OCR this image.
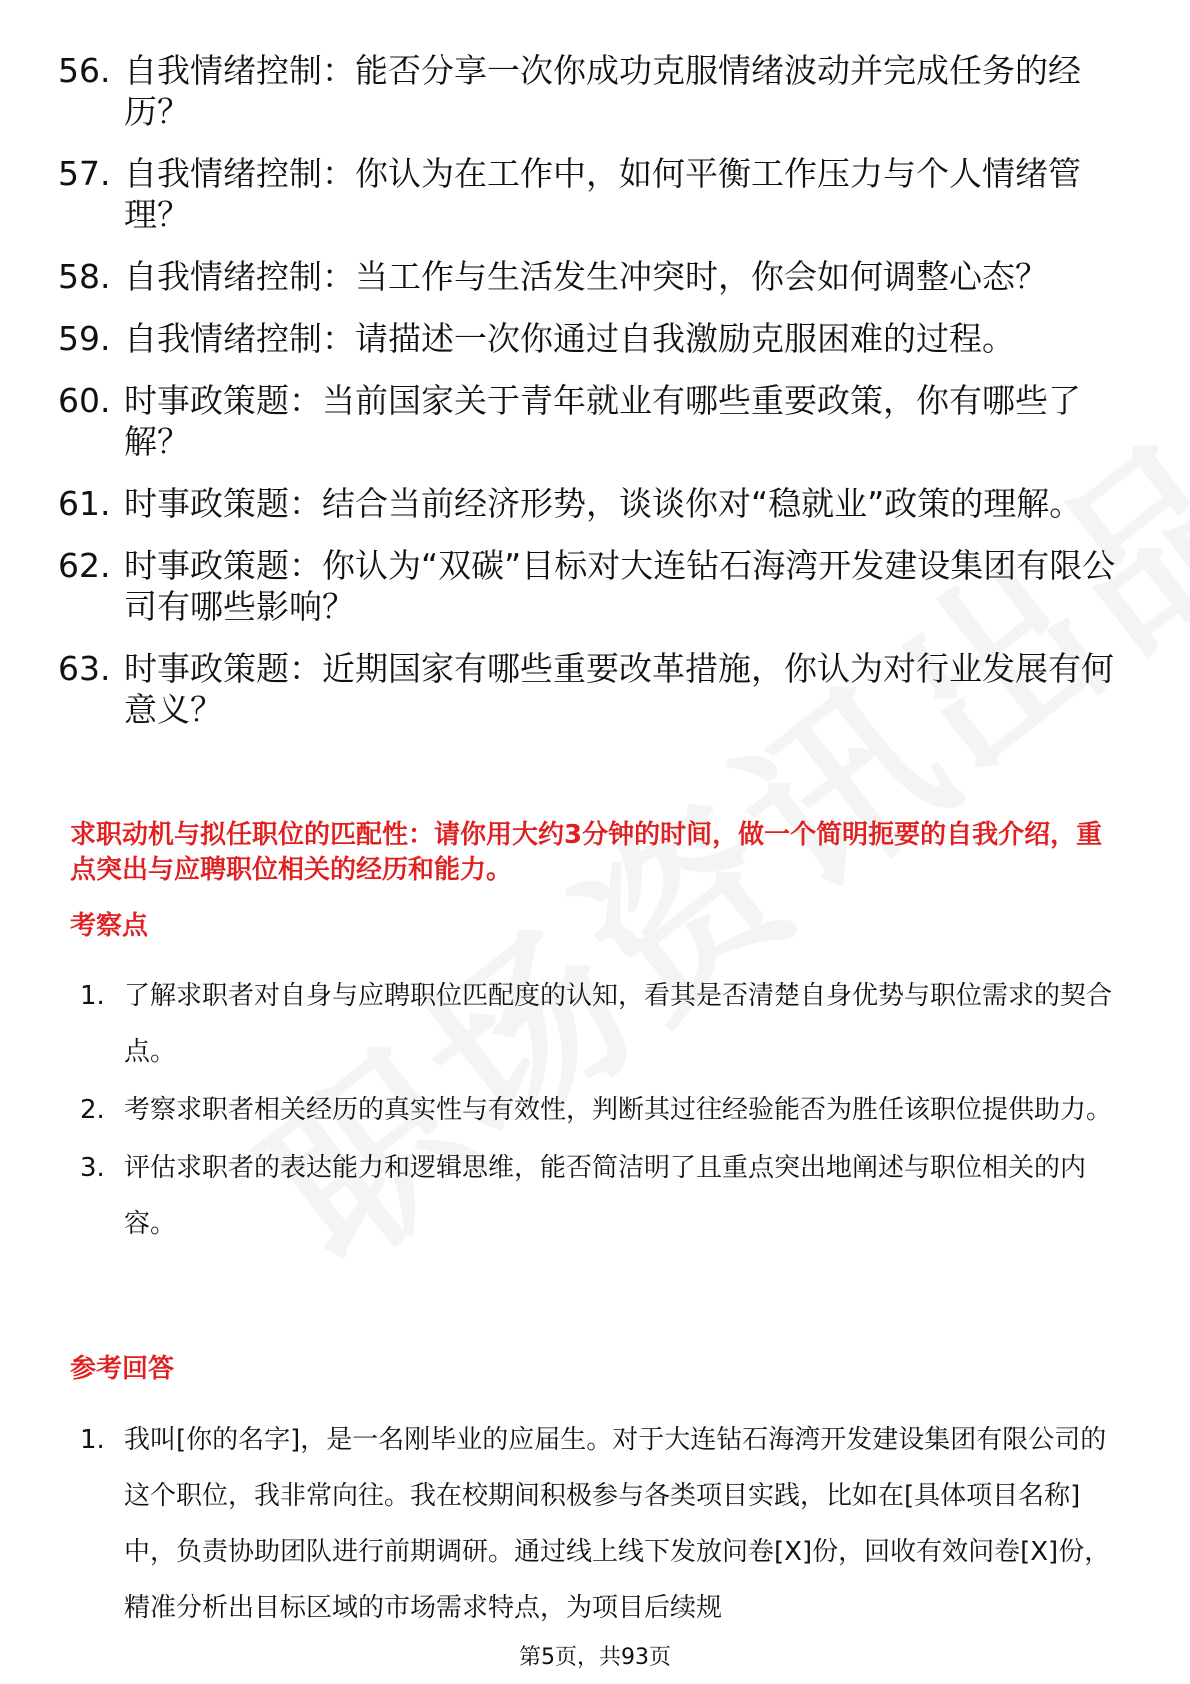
56. 自我情绪控制：能否分享一次你成功克服情绪波动并完成任务的经历？
57. 自我情绪控制：你认为在工作中，如何平衡工作压力与个人情绪管理？
58. 自我情绪控制：当工作与生活发生冲突时，你会如何调整心态？
59. 自我情绪控制：请描述一次你通过自我激励克服困难的过程。
60. 时事政策题：当前国家关于青年就业有哪些重要政策，你有哪些了解？
61. 时事政策题：结合当前经济形势，谈谈你对“稳就业”政策的理解。
62. 时事政策题：你认为“双碳”目标对大连钻石海湾开发建设集团有限公司有哪些影响？
63. 时事政策题：近期国家有哪些重要改革措施，你认为对行业发展有何意义？
求职动机与拟任职位的匹配性：请你用大约3分钟的时间，做一个简明扼要的自我介绍，重点突出与应聘职位相关的经历和能力。
考察点
1. 了解求职者对自身与应聘职位匹配度的认知，看其是否清楚自身优势与职位需求的契合点。
2. 考察求职者相关经历的真实性与有效性，判断其过往经验能否为胜任该职位提供助力。
3. 评估求职者的表达能力和逻辑思维，能否简洁明了且重点突出地阐述与职位相关的内容。
参考回答
1. 我叫[你的名字]，是一名刚毕业的应届生。对于大连钻石海湾开发建设集团有限公司的这个职位，我非常向往。我在校期间积极参与各类项目实践，比如在[具体项目名称]中，负责协助团队进行前期调研。通过线上线下发放问卷[X]份，回收有效问卷[X]份，精准分析出目标区域的市场需求特点，为项目后续规
第5页，共93页
